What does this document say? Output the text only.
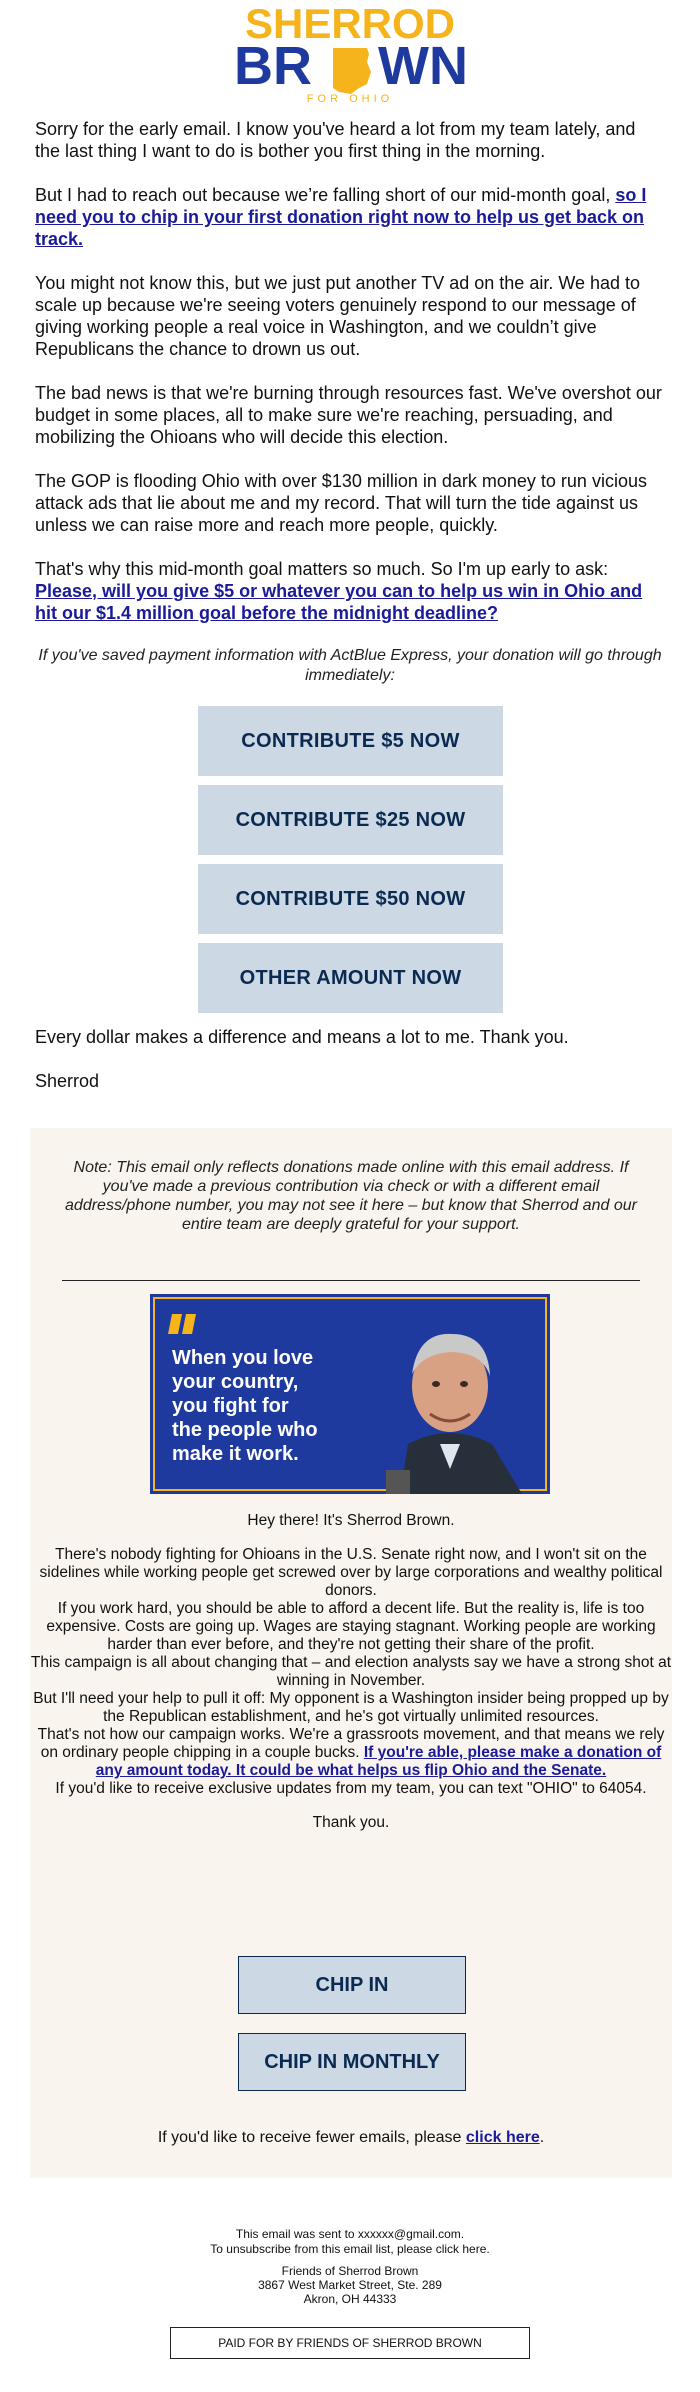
SHERROD
BR WN
FOR OHIO

Sorry for the early email. I know you've heard a lot from my team lately, and the last thing I want to do is bother you first thing in the morning.

But I had to reach out because we’re falling short of our mid-month goal, so I need you to chip in your first donation right now to help us get back on track.

You might not know this, but we just put another TV ad on the air. We had to scale up because we're seeing voters genuinely respond to our message of giving working people a real voice in Washington, and we couldn’t give Republicans the chance to drown us out.

The bad news is that we're burning through resources fast. We've overshot our budget in some places, all to make sure we're reaching, persuading, and mobilizing the Ohioans who will decide this election.

The GOP is flooding Ohio with over $130 million in dark money to run vicious attack ads that lie about me and my record. That will turn the tide against us unless we can raise more and reach more people, quickly.

That's why this mid-month goal matters so much. So I'm up early to ask:
Please, will you give $5 or whatever you can to help us win in Ohio and hit our $1.4 million goal before the midnight deadline?

If you've saved payment information with ActBlue Express, your donation will go through immediately:
CONTRIBUTE $5 NOW
CONTRIBUTE $25 NOW
CONTRIBUTE $50 NOW
OTHER AMOUNT NOW
Every dollar makes a difference and means a lot to me. Thank you.
Sherrod
Note: This email only reflects donations made online with this email address. If you've made a previous contribution via check or with a different email address/phone number, you may not see it here – but know that Sherrod and our entire team are deeply grateful for your support.
When you love
your country,
you fight for
the people who
make it work.
Hey there! It's Sherrod Brown.
There's nobody fighting for Ohioans in the U.S. Senate right now, and I won't sit on the sidelines while working people get screwed over by large corporations and wealthy political donors.
If you work hard, you should be able to afford a decent life. But the reality is, life is too expensive. Costs are going up. Wages are staying stagnant. Working people are working harder than ever before, and they're not getting their share of the profit.
This campaign is all about changing that – and election analysts say we have a strong shot at winning in November.
But I'll need your help to pull it off: My opponent is a Washington insider being propped up by the Republican establishment, and he's got virtually unlimited resources.
That's not how our campaign works. We're a grassroots movement, and that means we rely on ordinary people chipping in a couple bucks. If you're able, please make a donation of any amount today. It could be what helps us flip Ohio and the Senate.
If you'd like to receive exclusive updates from my team, you can text "OHIO" to 64054.
Thank you.
CHIP IN
CHIP IN MONTHLY
If you'd like to receive fewer emails, please click here.
This email was sent to xxxxxx@gmail.com.
To unsubscribe from this email list, please click here.
Friends of Sherrod Brown
3867 West Market Street, Ste. 289
Akron, OH 44333
PAID FOR BY FRIENDS OF SHERROD BROWN
